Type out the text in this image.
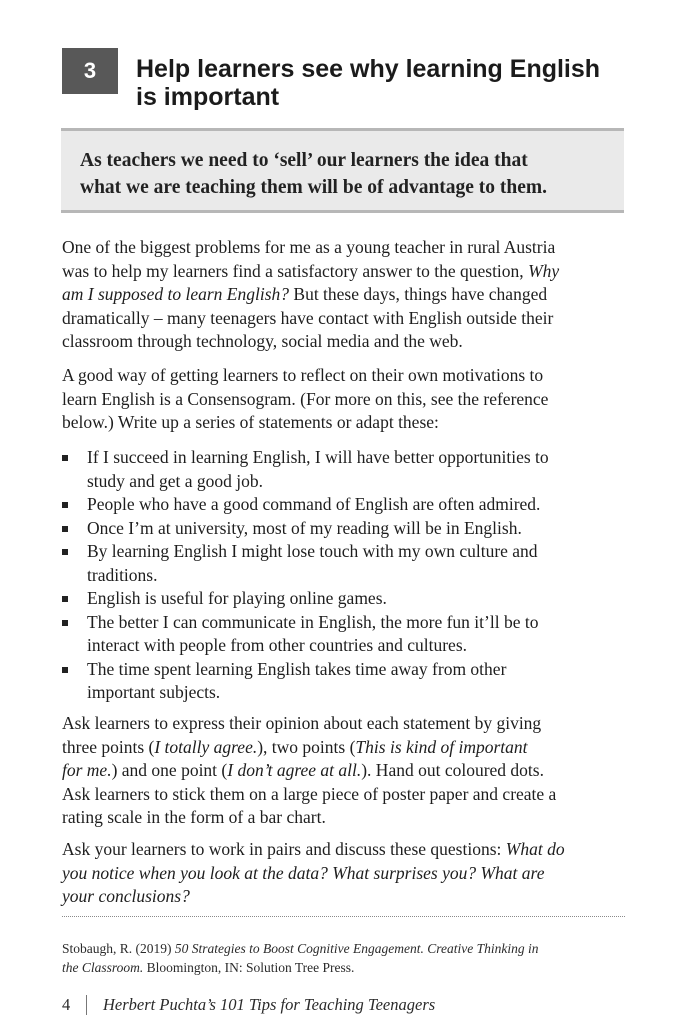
3 Help learners see why learning English
is important
As teachers we need to ‘sell’ our learners the idea that
what we are teaching them will be of advantage to them.
One of the biggest problems for me as a young teacher in rural Austria
was to help my learners find a satisfactory answer to the question, Why
am I supposed to learn English? But these days, things have changed
dramatically – many teenagers have contact with English outside their
classroom through technology, social media and the web.
A good way of getting learners to reflect on their own motivations to
learn English is a Consensogram. (For more on this, see the reference
below.) Write up a series of statements or adapt these:
If I succeed in learning English, I will have better opportunities to
study and get a good job.
People who have a good command of English are often admired.
Once I’m at university, most of my reading will be in English.
By learning English I might lose touch with my own culture and
traditions.
English is useful for playing online games.
The better I can communicate in English, the more fun it’ll be to
interact with people from other countries and cultures.
The time spent learning English takes time away from other
important subjects.
Ask learners to express their opinion about each statement by giving
three points (I totally agree.), two points (This is kind of important
for me.) and one point (I don’t agree at all.). Hand out coloured dots.
Ask learners to stick them on a large piece of poster paper and create a
rating scale in the form of a bar chart.
Ask your learners to work in pairs and discuss these questions: What do
you notice when you look at the data? What surprises you? What are
your conclusions?
Stobaugh, R. (2019) 50 Strategies to Boost Cognitive Engagement. Creative Thinking in
the Classroom. Bloomington, IN: Solution Tree Press.
4	Herbert Puchta’s 101 Tips for Teaching Teenagers
